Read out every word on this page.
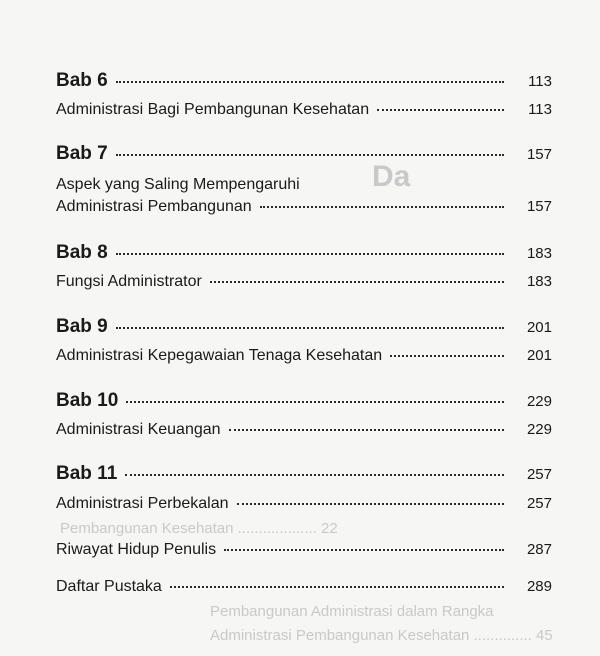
Da
Pembangunan Kesehatan ................... 22
Pembangunan Administrasi dalam Rangka
Administrasi Pembangunan Kesehatan .............. 45
Bab 6	113
Administrasi Bagi Pembangunan Kesehatan	113
Bab 7	157
Aspek yang Saling Mempengaruhi
Administrasi Pembangunan	157
Bab 8	183
Fungsi Administrator	183
Bab 9	201
Administrasi Kepegawaian Tenaga Kesehatan	201
Bab 10	229
Administrasi Keuangan	229
Bab 11	257
Administrasi Perbekalan	257
Riwayat Hidup Penulis	287
Daftar Pustaka	289
